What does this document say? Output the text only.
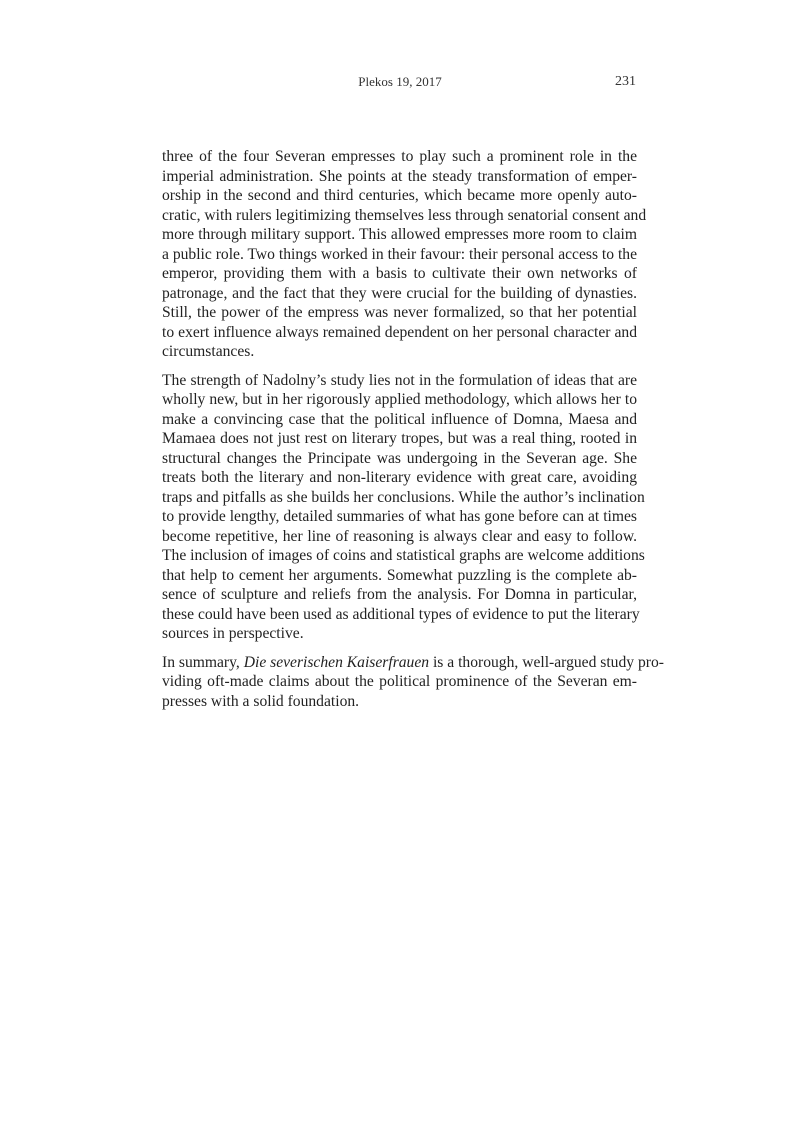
Plekos 19, 2017	231
three of the four Severan empresses to play such a prominent role in the
imperial administration. She points at the steady transformation of emper-
orship in the second and third centuries, which became more openly auto-
cratic, with rulers legitimizing themselves less through senatorial consent and
more through military support. This allowed empresses more room to claim
a public role. Two things worked in their favour: their personal access to the
emperor, providing them with a basis to cultivate their own networks of
patronage, and the fact that they were crucial for the building of dynasties.
Still, the power of the empress was never formalized, so that her potential
to exert influence always remained dependent on her personal character and
circumstances.
The strength of Nadolny’s study lies not in the formulation of ideas that are
wholly new, but in her rigorously applied methodology, which allows her to
make a convincing case that the political influence of Domna, Maesa and
Mamaea does not just rest on literary tropes, but was a real thing, rooted in
structural changes the Principate was undergoing in the Severan age. She
treats both the literary and non-literary evidence with great care, avoiding
traps and pitfalls as she builds her conclusions. While the author’s inclination
to provide lengthy, detailed summaries of what has gone before can at times
become repetitive, her line of reasoning is always clear and easy to follow.
The inclusion of images of coins and statistical graphs are welcome additions
that help to cement her arguments. Somewhat puzzling is the complete ab-
sence of sculpture and reliefs from the analysis. For Domna in particular,
these could have been used as additional types of evidence to put the literary
sources in perspective.
In summary, Die severischen Kaiserfrauen is a thorough, well-argued study pro-
viding oft-made claims about the political prominence of the Severan em-
presses with a solid foundation.
